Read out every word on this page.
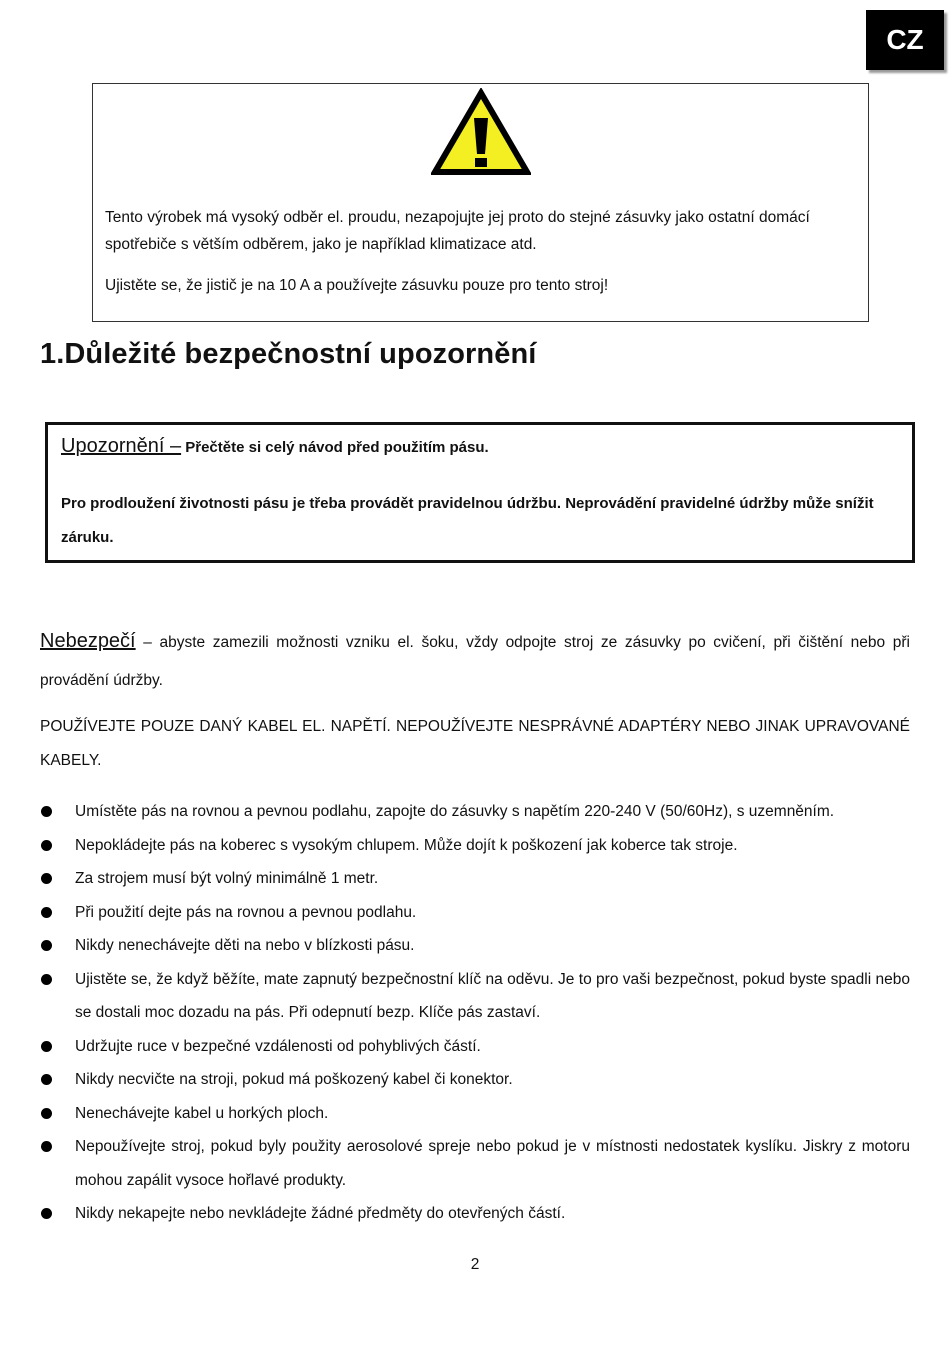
CZ

Tento výrobek má vysoký odběr el. proudu, nezapojujte jej proto do stejné zásuvky jako ostatní domácí spotřebiče s větším odběrem, jako je například klimatizace atd.

Ujistěte se, že jistič je na 10 A a používejte zásuvku pouze pro tento stroj!

1.Důležité bezpečnostní upozornění

Upozornění – Přečtěte si celý návod před použitím pásu.

Pro prodloužení životnosti pásu je třeba provádět pravidelnou údržbu. Neprovádění pravidelné údržby může snížit záruku.

Nebezpečí – abyste zamezili možnosti vzniku el. šoku, vždy odpojte stroj ze zásuvky po cvičení, při čištění nebo při provádění údržby.

POUŽÍVEJTE POUZE DANÝ KABEL EL. NAPĚTÍ. NEPOUŽÍVEJTE NESPRÁVNÉ ADAPTÉRY NEBO JINAK UPRAVOVANÉ KABELY.

Umístěte pás na rovnou a pevnou podlahu, zapojte do zásuvky s napětím 220-240 V (50/60Hz), s uzemněním.
Nepokládejte pás na koberec s vysokým chlupem. Může dojít k poškození jak koberce tak stroje.
Za strojem musí být volný minimálně 1 metr.
Při použití dejte pás na rovnou a pevnou podlahu.
Nikdy nenechávejte děti na nebo v blízkosti pásu.
Ujistěte se, že když běžíte, mate zapnutý bezpečnostní klíč na oděvu. Je to pro vaši bezpečnost, pokud byste spadli nebo se dostali moc dozadu na pás. Při odepnutí bezp. Klíče pás zastaví.
Udržujte ruce v bezpečné vzdálenosti od pohyblivých částí.
Nikdy necvičte na stroji, pokud má poškozený kabel či konektor.
Nenechávejte kabel u horkých ploch.
Nepoužívejte stroj, pokud byly použity aerosolové spreje nebo pokud je v místnosti nedostatek kyslíku. Jiskry z motoru mohou zapálit vysoce hořlavé produkty.
Nikdy nekapejte nebo nevkládejte žádné předměty do otevřených částí.

2
